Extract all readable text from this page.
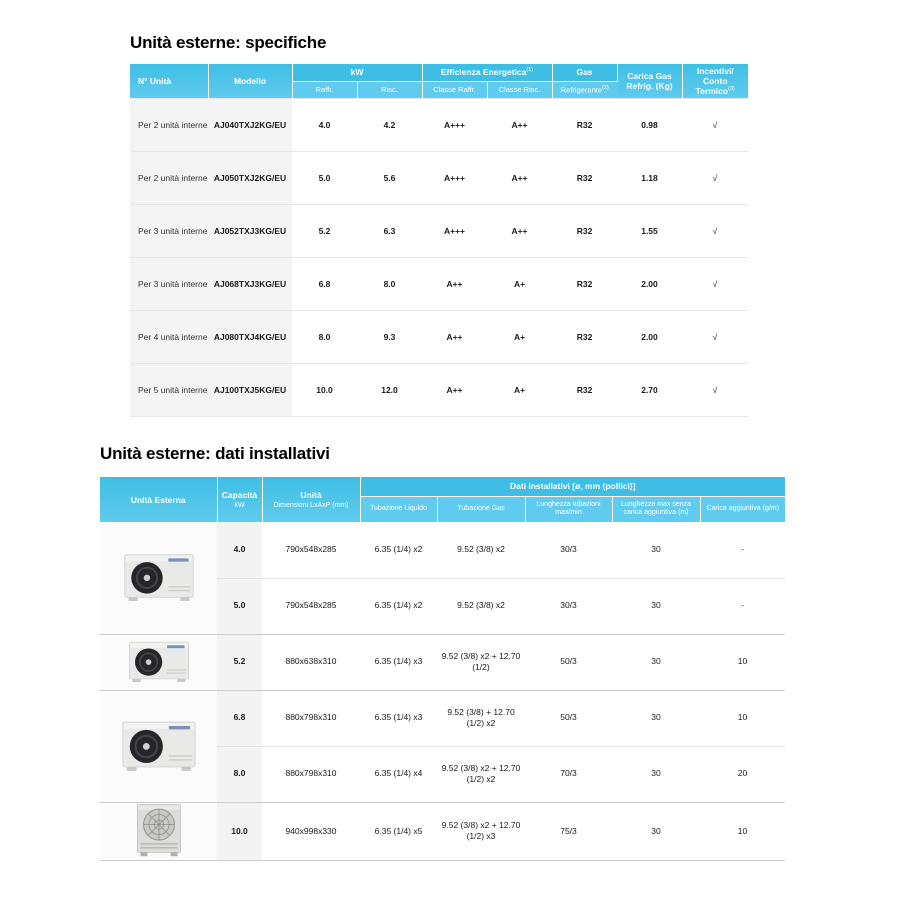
Unità esterne: specifiche
N° Unità	Modello	kW	Efficienza Energetica$^{(1)}$	Gas	Carica Gas
Refrig. (Kg)

Incentivi/
Conto Termico$^{(3)}$

		Raffr.	Risc.	Classe Raffr.	Classe Risc.	Refrigerante$^{(2)}$
Per 2 unità interne	AJ040TXJ2KG/EU	4.0	4.2	A+++	A++	R32	0.98	√
Per 2 unità interne	AJ050TXJ2KG/EU	5.0	5.6	A+++	A++	R32	1.18	√
Per 3 unità interne	AJ052TXJ3KG/EU	5.2	6.3	A+++	A++	R32	1.55	√
Per 3 unità interne	AJ068TXJ3KG/EU	6.8	8.0	A++	A+	R32	2.00	√
Per 4 unità interne	AJ080TXJ4KG/EU	8.0	9.3	A++	A+	R32	2.00	√
Per 5 unità interne	AJ100TXJ5KG/EU	10.0	12.0	A++	A+	R32	2.70	√
Unità esterne: dati installativi
Unità Esterna	Capacità
kW

Unità
Dimensioni LxAxP (mm)
	Dati installativi [ø, mm (pollici)]
			Tubazione Liquido	Tubazione Gas	Lunghezza tubazioni max/min	Lunghezza max senza carica aggiuntiva (m)	Carica aggiuntiva (g/m)
	4.0	790x548x285	6.35 (1/4) x2	9.52 (3/8) x2	30/3	30	-
	5.0	790x548x285	6.35 (1/4) x2	9.52 (3/8) x2	30/3	30	-
	5.2	880x638x310	6.35 (1/4) x3	9.52 (3/8) x2 + 12.70 (1/2)	50/3	30	10
	6.8	880x798x310	6.35 (1/4) x3	9.52 (3/8) + 12.70 (1/2) x2	50/3	30	10
	8.0	880x798x310	6.35 (1/4) x4	9.52 (3/8) x2 + 12.70 (1/2) x2	70/3	30	20
	10.0	940x998x330	6.35 (1/4) x5	9.52 (3/8) x2 + 12.70 (1/2) x3	75/3	30	10
